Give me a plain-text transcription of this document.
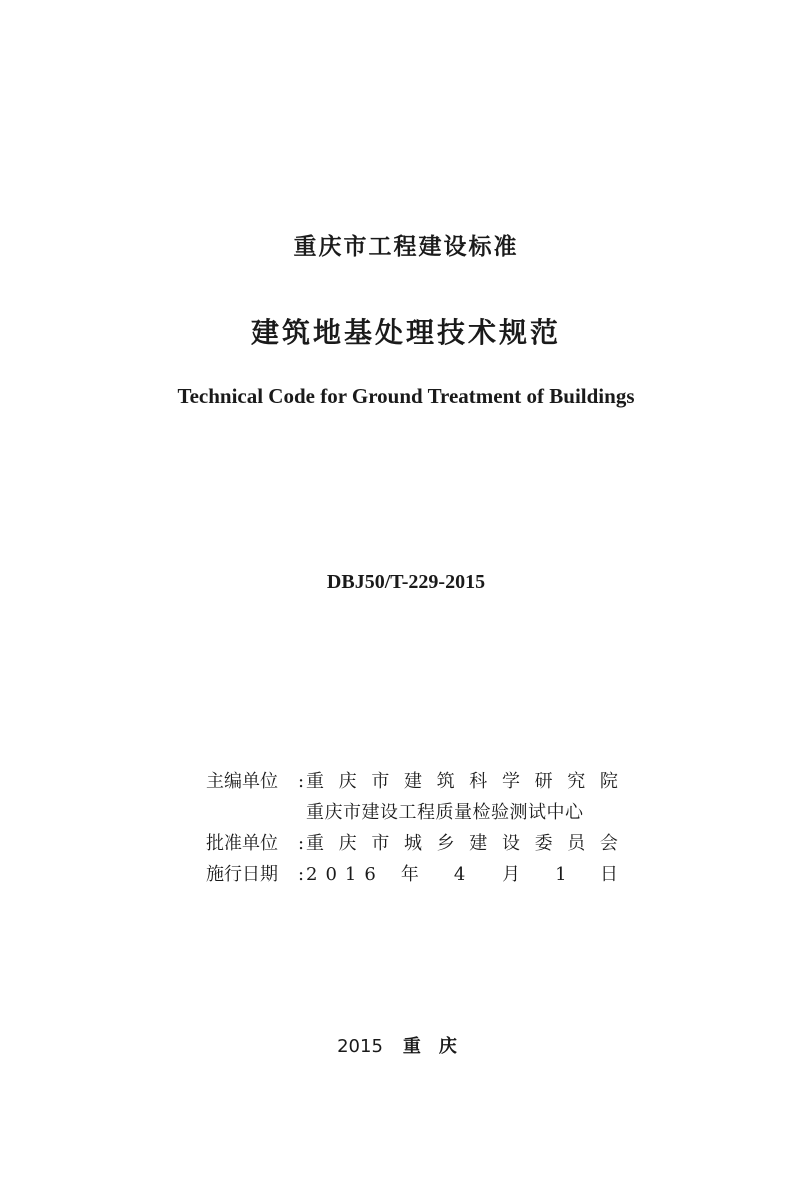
重庆市工程建设标准
建筑地基处理技术规范
Technical Code for Ground Treatment of Buildings
DBJ50/T-229-2015
主编单位	: 重 庆 市 建 筑 科 学 研 究 院
重庆市建设工程质量检验测试中心
批准单位	: 重 庆 市 城 乡 建 设 委 员 会
施行日期	: 2016 年 4 月 1 日
2015 重庆
